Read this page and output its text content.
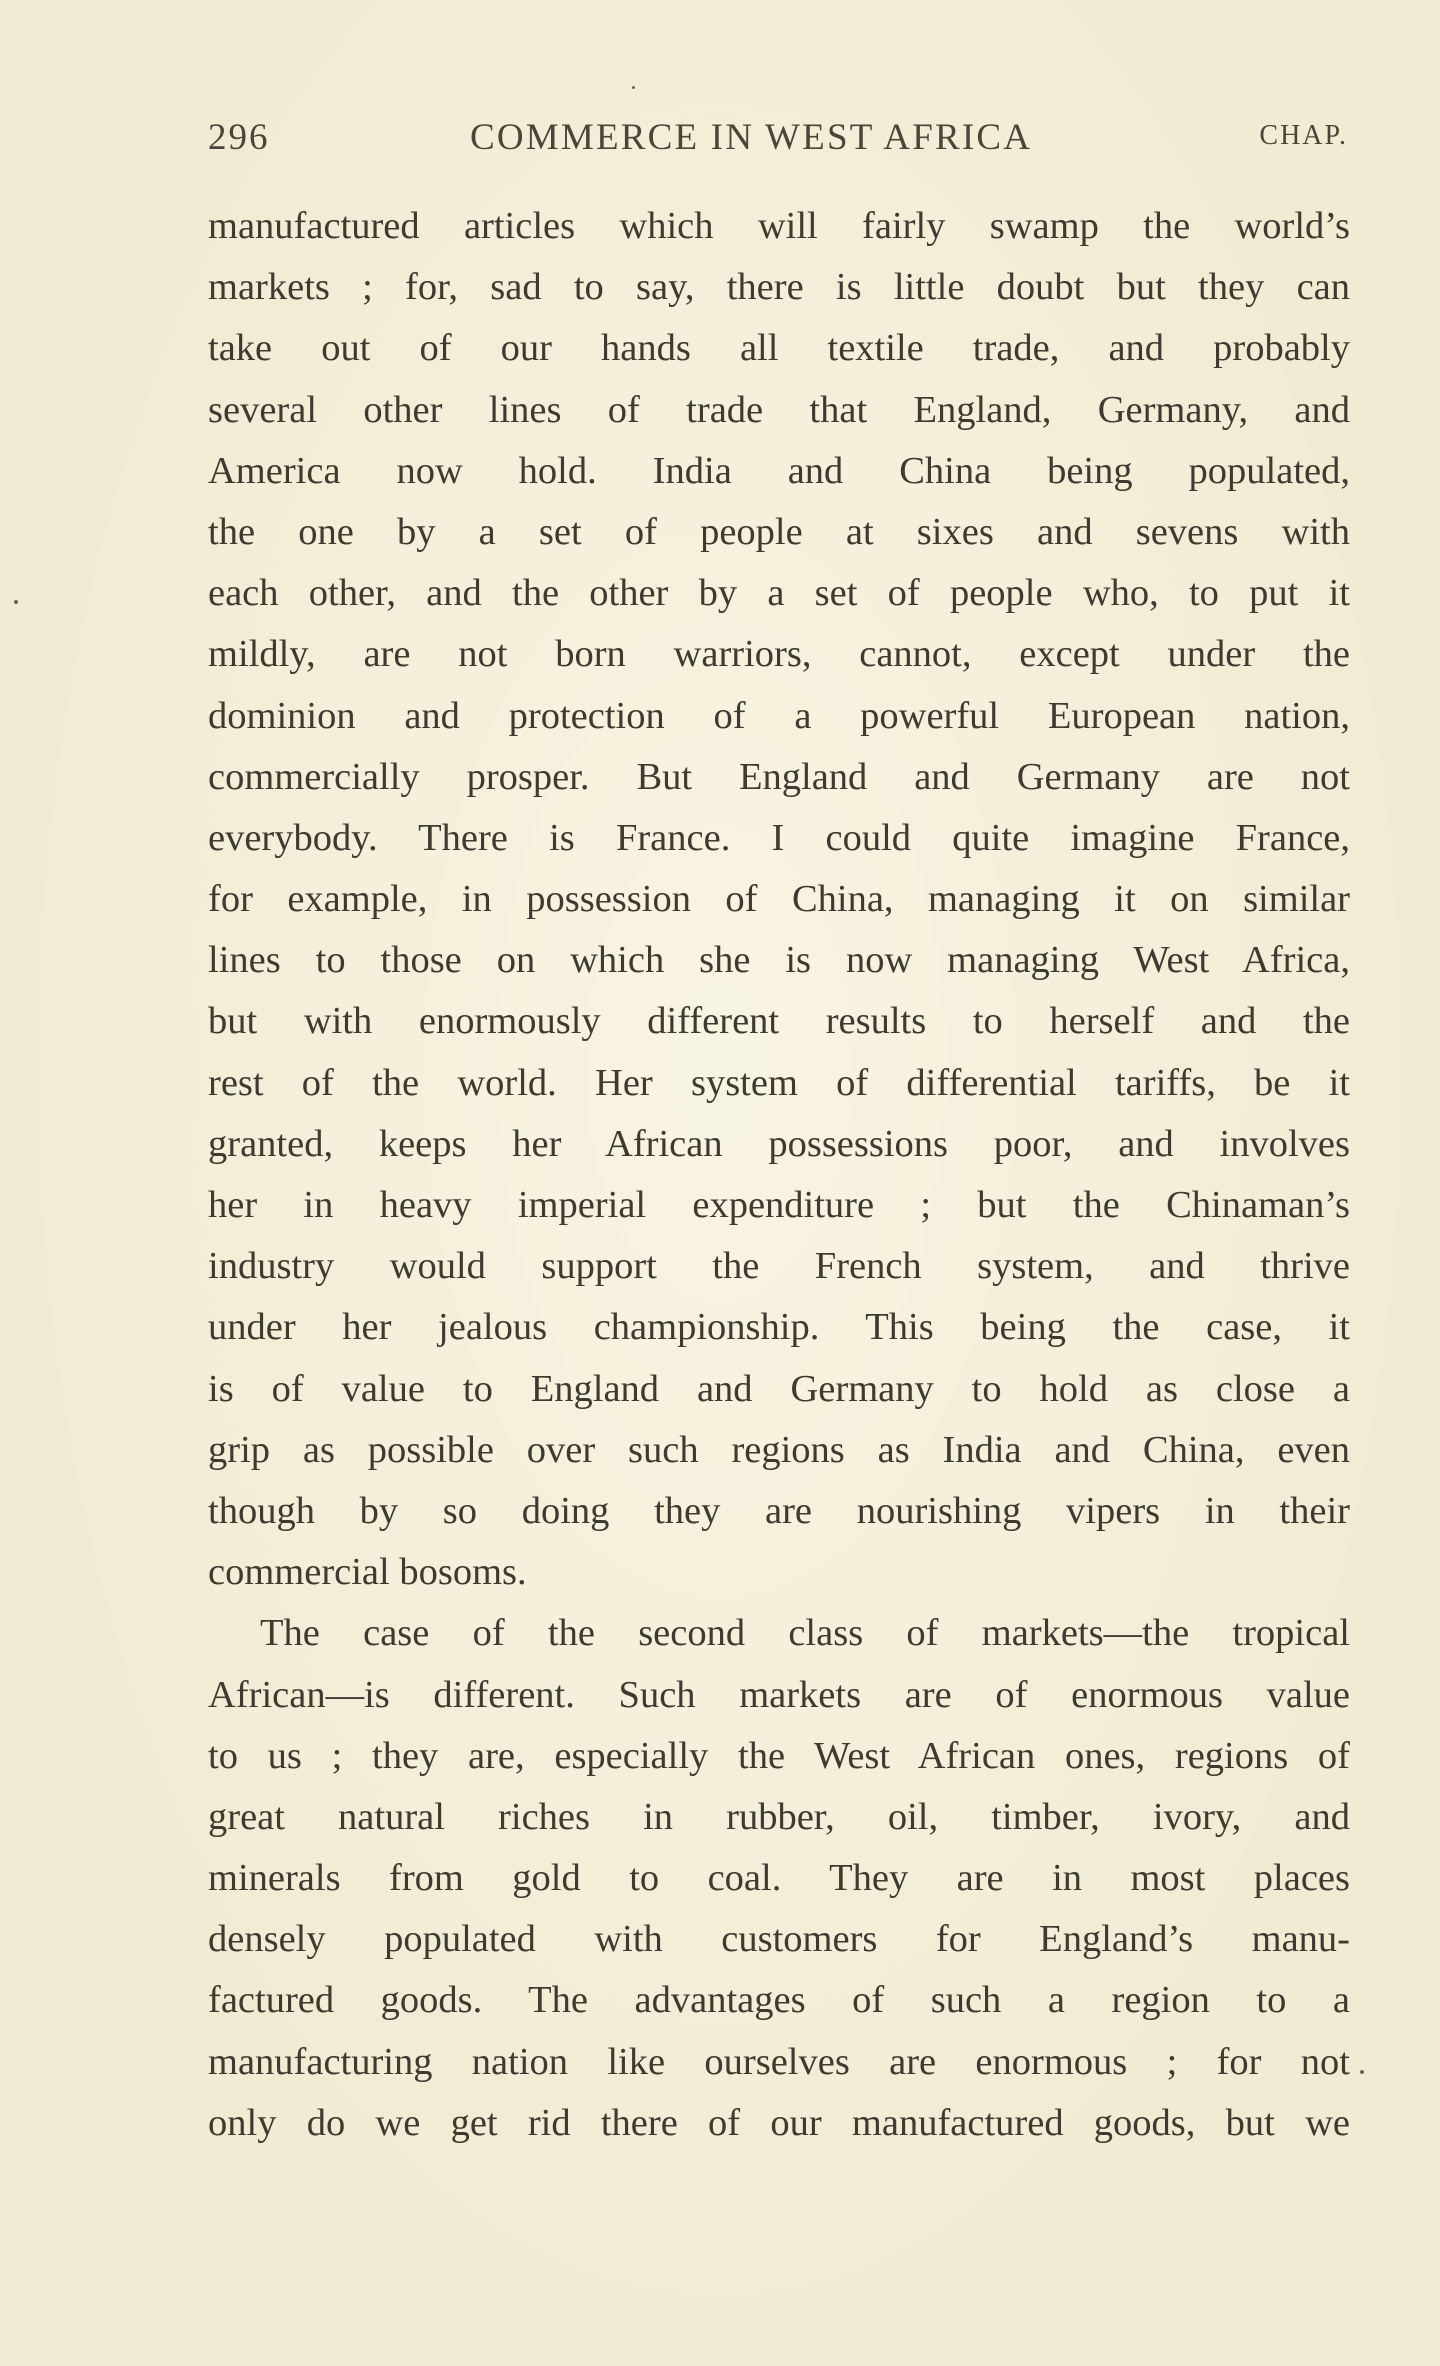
296	COMMERCE IN WEST AFRICA	CHAP.
manufactured articles which will fairly swamp the world’s
markets ; for, sad to say, there is little doubt but they can
take out of our hands all textile trade, and probably
several other lines of trade that England, Germany, and
America now hold. India and China being populated,
the one by a set of people at sixes and sevens with
each other, and the other by a set of people who, to put it
mildly, are not born warriors, cannot, except under the
dominion and protection of a powerful European nation,
commercially prosper. But England and Germany are not
everybody. There is France. I could quite imagine France,
for example, in possession of China, managing it on similar
lines to those on which she is now managing West Africa,
but with enormously different results to herself and the
rest of the world. Her system of differential tariffs, be it
granted, keeps her African possessions poor, and involves
her in heavy imperial expenditure ; but the Chinaman’s
industry would support the French system, and thrive
under her jealous championship. This being the case, it
is of value to England and Germany to hold as close a
grip as possible over such regions as India and China, even
though by so doing they are nourishing vipers in their
commercial bosoms.
The case of the second class of markets—the tropical
African—is different. Such markets are of enormous value
to us ; they are, especially the West African ones, regions of
great natural riches in rubber, oil, timber, ivory, and
minerals from gold to coal. They are in most places
densely populated with customers for England’s manu-
factured goods. The advantages of such a region to a
manufacturing nation like ourselves are enormous ; for not
only do we get rid there of our manufactured goods, but we
